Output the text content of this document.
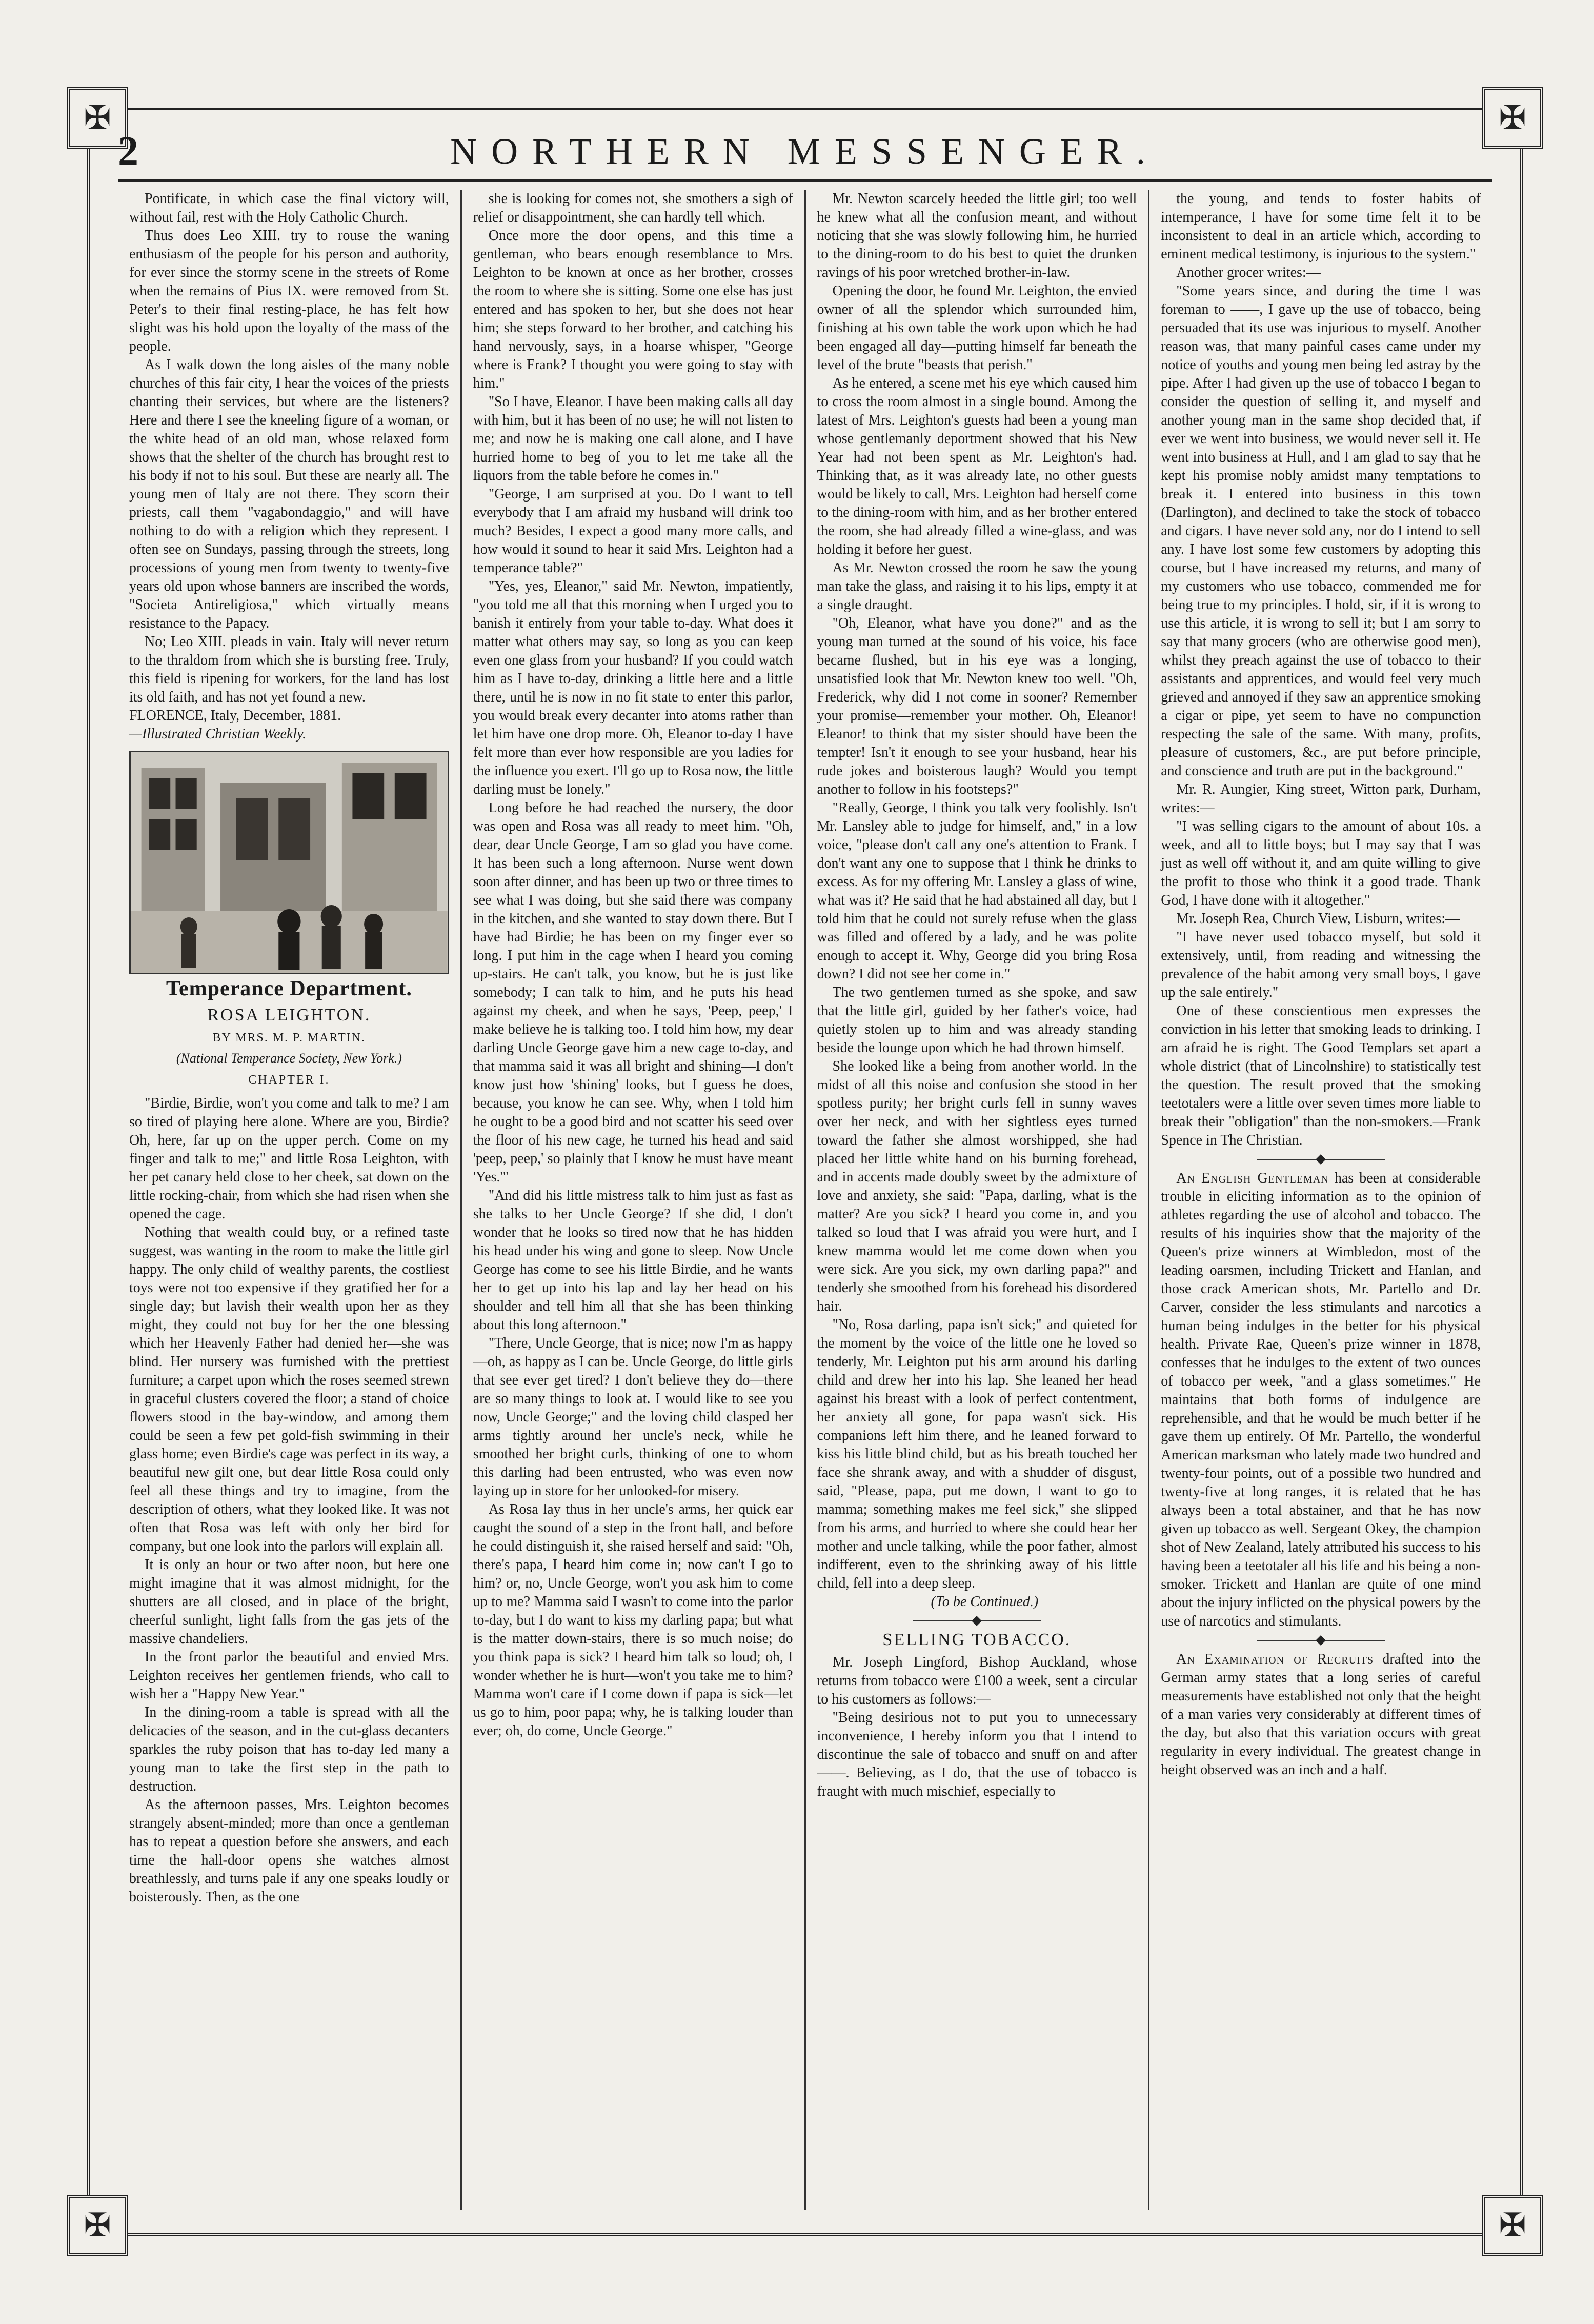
✠	✠
✠	✠
2	NORTHERN MESSENGER.

Pontificate, in which case the final victory will, without fail, rest with the Holy Catholic Church.

Thus does Leo XIII. try to rouse the waning enthusiasm of the people for his person and authority, for ever since the stormy scene in the streets of Rome when the remains of Pius IX. were removed from St. Peter's to their final resting-place, he has felt how slight was his hold upon the loyalty of the mass of the people.

As I walk down the long aisles of the many noble churches of this fair city, I hear the voices of the priests chanting their services, but where are the listeners? Here and there I see the kneeling figure of a woman, or the white head of an old man, whose relaxed form shows that the shelter of the church has brought rest to his body if not to his soul. But these are nearly all. The young men of Italy are not there. They scorn their priests, call them "vagabondaggio," and will have nothing to do with a religion which they represent. I often see on Sundays, passing through the streets, long processions of young men from twenty to twenty-five years old upon whose banners are inscribed the words, "Societa Antireligiosa," which virtually means resistance to the Papacy.

No; Leo XIII. pleads in vain. Italy will never return to the thraldom from which she is bursting free. Truly, this field is ripening for workers, for the land has lost its old faith, and has not yet found a new.

FLORENCE, Italy, December, 1881.

—Illustrated Christian Weekly.

Temperance Department.
ROSA LEIGHTON.
BY MRS. M. P. MARTIN.
(National Temperance Society, New York.)
CHAPTER I.

"Birdie, Birdie, won't you come and talk to me? I am so tired of playing here alone. Where are you, Birdie? Oh, here, far up on the upper perch. Come on my finger and talk to me;" and little Rosa Leighton, with her pet canary held close to her cheek, sat down on the little rocking-chair, from which she had risen when she opened the cage.

Nothing that wealth could buy, or a refined taste suggest, was wanting in the room to make the little girl happy. The only child of wealthy parents, the costliest toys were not too expensive if they gratified her for a single day; but lavish their wealth upon her as they might, they could not buy for her the one blessing which her Heavenly Father had denied her—she was blind. Her nursery was furnished with the prettiest furniture; a carpet upon which the roses seemed strewn in graceful clusters covered the floor; a stand of choice flowers stood in the bay-window, and among them could be seen a few pet gold-fish swimming in their glass home; even Birdie's cage was perfect in its way, a beautiful new gilt one, but dear little Rosa could only feel all these things and try to imagine, from the description of others, what they looked like. It was not often that Rosa was left with only her bird for company, but one look into the parlors will explain all.

It is only an hour or two after noon, but here one might imagine that it was almost midnight, for the shutters are all closed, and in place of the bright, cheerful sunlight, light falls from the gas jets of the massive chandeliers.

In the front parlor the beautiful and envied Mrs. Leighton receives her gentlemen friends, who call to wish her a "Happy New Year."

In the dining-room a table is spread with all the delicacies of the season, and in the cut-glass decanters sparkles the ruby poison that has to-day led many a young man to take the first step in the path to destruction.

As the afternoon passes, Mrs. Leighton becomes strangely absent-minded; more than once a gentleman has to repeat a question before she answers, and each time the hall-door opens she watches almost breathlessly, and turns pale if any one speaks loudly or boisterously. Then, as the one

she is looking for comes not, she smothers a sigh of relief or disappointment, she can hardly tell which.

Once more the door opens, and this time a gentleman, who bears enough resemblance to Mrs. Leighton to be known at once as her brother, crosses the room to where she is sitting. Some one else has just entered and has spoken to her, but she does not hear him; she steps forward to her brother, and catching his hand nervously, says, in a hoarse whisper, "George where is Frank? I thought you were going to stay with him."

"So I have, Eleanor. I have been making calls all day with him, but it has been of no use; he will not listen to me; and now he is making one call alone, and I have hurried home to beg of you to let me take all the liquors from the table before he comes in."

"George, I am surprised at you. Do I want to tell everybody that I am afraid my husband will drink too much? Besides, I expect a good many more calls, and how would it sound to hear it said Mrs. Leighton had a temperance table?"

"Yes, yes, Eleanor," said Mr. Newton, impatiently, "you told me all that this morning when I urged you to banish it entirely from your table to-day. What does it matter what others may say, so long as you can keep even one glass from your husband? If you could watch him as I have to-day, drinking a little here and a little there, until he is now in no fit state to enter this parlor, you would break every decanter into atoms rather than let him have one drop more. Oh, Eleanor to-day I have felt more than ever how responsible are you ladies for the influence you exert. I'll go up to Rosa now, the little darling must be lonely."

Long before he had reached the nursery, the door was open and Rosa was all ready to meet him. "Oh, dear, dear Uncle George, I am so glad you have come. It has been such a long afternoon. Nurse went down soon after dinner, and has been up two or three times to see what I was doing, but she said there was company in the kitchen, and she wanted to stay down there. But I have had Birdie; he has been on my finger ever so long. I put him in the cage when I heard you coming up-stairs. He can't talk, you know, but he is just like somebody; I can talk to him, and he puts his head against my cheek, and when he says, 'Peep, peep,' I make believe he is talking too. I told him how, my dear darling Uncle George gave him a new cage to-day, and that mamma said it was all bright and shining—I don't know just how 'shining' looks, but I guess he does, because, you know he can see. Why, when I told him he ought to be a good bird and not scatter his seed over the floor of his new cage, he turned his head and said 'peep, peep,' so plainly that I know he must have meant 'Yes.'"

"And did his little mistress talk to him just as fast as she talks to her Uncle George? If she did, I don't wonder that he looks so tired now that he has hidden his head under his wing and gone to sleep. Now Uncle George has come to see his little Birdie, and he wants her to get up into his lap and lay her head on his shoulder and tell him all that she has been thinking about this long afternoon."

"There, Uncle George, that is nice; now I'm as happy—oh, as happy as I can be. Uncle George, do little girls that see ever get tired? I don't believe they do—there are so many things to look at. I would like to see you now, Uncle George;" and the loving child clasped her arms tightly around her uncle's neck, while he smoothed her bright curls, thinking of one to whom this darling had been entrusted, who was even now laying up in store for her unlooked-for misery.

As Rosa lay thus in her uncle's arms, her quick ear caught the sound of a step in the front hall, and before he could distinguish it, she raised herself and said: "Oh, there's papa, I heard him come in; now can't I go to him? or, no, Uncle George, won't you ask him to come up to me? Mamma said I wasn't to come into the parlor to-day, but I do want to kiss my darling papa; but what is the matter down-stairs, there is so much noise; do you think papa is sick? I heard him talk so loud; oh, I wonder whether he is hurt—won't you take me to him? Mamma won't care if I come down if papa is sick—let us go to him, poor papa; why, he is talking louder than ever; oh, do come, Uncle George."

Mr. Newton scarcely heeded the little girl; too well he knew what all the confusion meant, and without noticing that she was slowly following him, he hurried to the dining-room to do his best to quiet the drunken ravings of his poor wretched brother-in-law.

Opening the door, he found Mr. Leighton, the envied owner of all the splendor which surrounded him, finishing at his own table the work upon which he had been engaged all day—putting himself far beneath the level of the brute "beasts that perish."

As he entered, a scene met his eye which caused him to cross the room almost in a single bound. Among the latest of Mrs. Leighton's guests had been a young man whose gentlemanly deportment showed that his New Year had not been spent as Mr. Leighton's had. Thinking that, as it was already late, no other guests would be likely to call, Mrs. Leighton had herself come to the dining-room with him, and as her brother entered the room, she had already filled a wine-glass, and was holding it before her guest.

As Mr. Newton crossed the room he saw the young man take the glass, and raising it to his lips, empty it at a single draught.

"Oh, Eleanor, what have you done?" and as the young man turned at the sound of his voice, his face became flushed, but in his eye was a longing, unsatisfied look that Mr. Newton knew too well. "Oh, Frederick, why did I not come in sooner? Remember your promise—remember your mother. Oh, Eleanor! Eleanor! to think that my sister should have been the tempter! Isn't it enough to see your husband, hear his rude jokes and boisterous laugh? Would you tempt another to follow in his footsteps?"

"Really, George, I think you talk very foolishly. Isn't Mr. Lansley able to judge for himself, and," in a low voice, "please don't call any one's attention to Frank. I don't want any one to suppose that I think he drinks to excess. As for my offering Mr. Lansley a glass of wine, what was it? He said that he had abstained all day, but I told him that he could not surely refuse when the glass was filled and offered by a lady, and he was polite enough to accept it. Why, George did you bring Rosa down? I did not see her come in."

The two gentlemen turned as she spoke, and saw that the little girl, guided by her father's voice, had quietly stolen up to him and was already standing beside the lounge upon which he had thrown himself.

She looked like a being from another world. In the midst of all this noise and confusion she stood in her spotless purity; her bright curls fell in sunny waves over her neck, and with her sightless eyes turned toward the father she almost worshipped, she had placed her little white hand on his burning forehead, and in accents made doubly sweet by the admixture of love and anxiety, she said: "Papa, darling, what is the matter? Are you sick? I heard you come in, and you talked so loud that I was afraid you were hurt, and I knew mamma would let me come down when you were sick. Are you sick, my own darling papa?" and tenderly she smoothed from his forehead his disordered hair.

"No, Rosa darling, papa isn't sick;" and quieted for the moment by the voice of the little one he loved so tenderly, Mr. Leighton put his arm around his darling child and drew her into his lap. She leaned her head against his breast with a look of perfect contentment, her anxiety all gone, for papa wasn't sick. His companions left him there, and he leaned forward to kiss his little blind child, but as his breath touched her face she shrank away, and with a shudder of disgust, said, "Please, papa, put me down, I want to go to mamma; something makes me feel sick," she slipped from his arms, and hurried to where she could hear her mother and uncle talking, while the poor father, almost indifferent, even to the shrinking away of his little child, fell into a deep sleep.

(To be Continued.)

SELLING TOBACCO.

Mr. Joseph Lingford, Bishop Auckland, whose returns from tobacco were £100 a week, sent a circular to his customers as follows:—

"Being desirious not to put you to unnecessary inconvenience, I hereby inform you that I intend to discontinue the sale of tobacco and snuff on and after ——. Believing, as I do, that the use of tobacco is fraught with much mischief, especially to

the young, and tends to foster habits of intemperance, I have for some time felt it to be inconsistent to deal in an article which, according to eminent medical testimony, is injurious to the system."

Another grocer writes:—

"Some years since, and during the time I was foreman to ——, I gave up the use of tobacco, being persuaded that its use was injurious to myself. Another reason was, that many painful cases came under my notice of youths and young men being led astray by the pipe. After I had given up the use of tobacco I began to consider the question of selling it, and myself and another young man in the same shop decided that, if ever we went into business, we would never sell it. He went into business at Hull, and I am glad to say that he kept his promise nobly amidst many temptations to break it. I entered into business in this town (Darlington), and declined to take the stock of tobacco and cigars. I have never sold any, nor do I intend to sell any. I have lost some few customers by adopting this course, but I have increased my returns, and many of my customers who use tobacco, commended me for being true to my principles. I hold, sir, if it is wrong to use this article, it is wrong to sell it; but I am sorry to say that many grocers (who are otherwise good men), whilst they preach against the use of tobacco to their assistants and apprentices, and would feel very much grieved and annoyed if they saw an apprentice smoking a cigar or pipe, yet seem to have no compunction respecting the sale of the same. With many, profits, pleasure of customers, &c., are put before principle, and conscience and truth are put in the background."

Mr. R. Aungier, King street, Witton park, Durham, writes:—

"I was selling cigars to the amount of about 10s. a week, and all to little boys; but I may say that I was just as well off without it, and am quite willing to give the profit to those who think it a good trade. Thank God, I have done with it altogether."

Mr. Joseph Rea, Church View, Lisburn, writes:—

"I have never used tobacco myself, but sold it extensively, until, from reading and witnessing the prevalence of the habit among very small boys, I gave up the sale entirely."

One of these conscientious men expresses the conviction in his letter that smoking leads to drinking. I am afraid he is right. The Good Templars set apart a whole district (that of Lincolnshire) to statistically test the question. The result proved that the smoking teetotalers were a little over seven times more liable to break their "obligation" than the non-smokers.—Frank Spence in The Christian.

An English Gentleman has been at considerable trouble in eliciting information as to the opinion of athletes regarding the use of alcohol and tobacco. The results of his inquiries show that the majority of the Queen's prize winners at Wimbledon, most of the leading oarsmen, including Trickett and Hanlan, and those crack American shots, Mr. Partello and Dr. Carver, consider the less stimulants and narcotics a human being indulges in the better for his physical health. Private Rae, Queen's prize winner in 1878, confesses that he indulges to the extent of two ounces of tobacco per week, "and a glass sometimes." He maintains that both forms of indulgence are reprehensible, and that he would be much better if he gave them up entirely. Of Mr. Partello, the wonderful American marksman who lately made two hundred and twenty-four points, out of a possible two hundred and twenty-five at long ranges, it is related that he has always been a total abstainer, and that he has now given up tobacco as well. Sergeant Okey, the champion shot of New Zealand, lately attributed his success to his having been a teetotaler all his life and his being a non-smoker. Trickett and Hanlan are quite of one mind about the injury inflicted on the physical powers by the use of narcotics and stimulants.

An Examination of Recruits drafted into the German army states that a long series of careful measurements have established not only that the height of a man varies very considerably at different times of the day, but also that this variation occurs with great regularity in every individual. The greatest change in height observed was an inch and a half.
